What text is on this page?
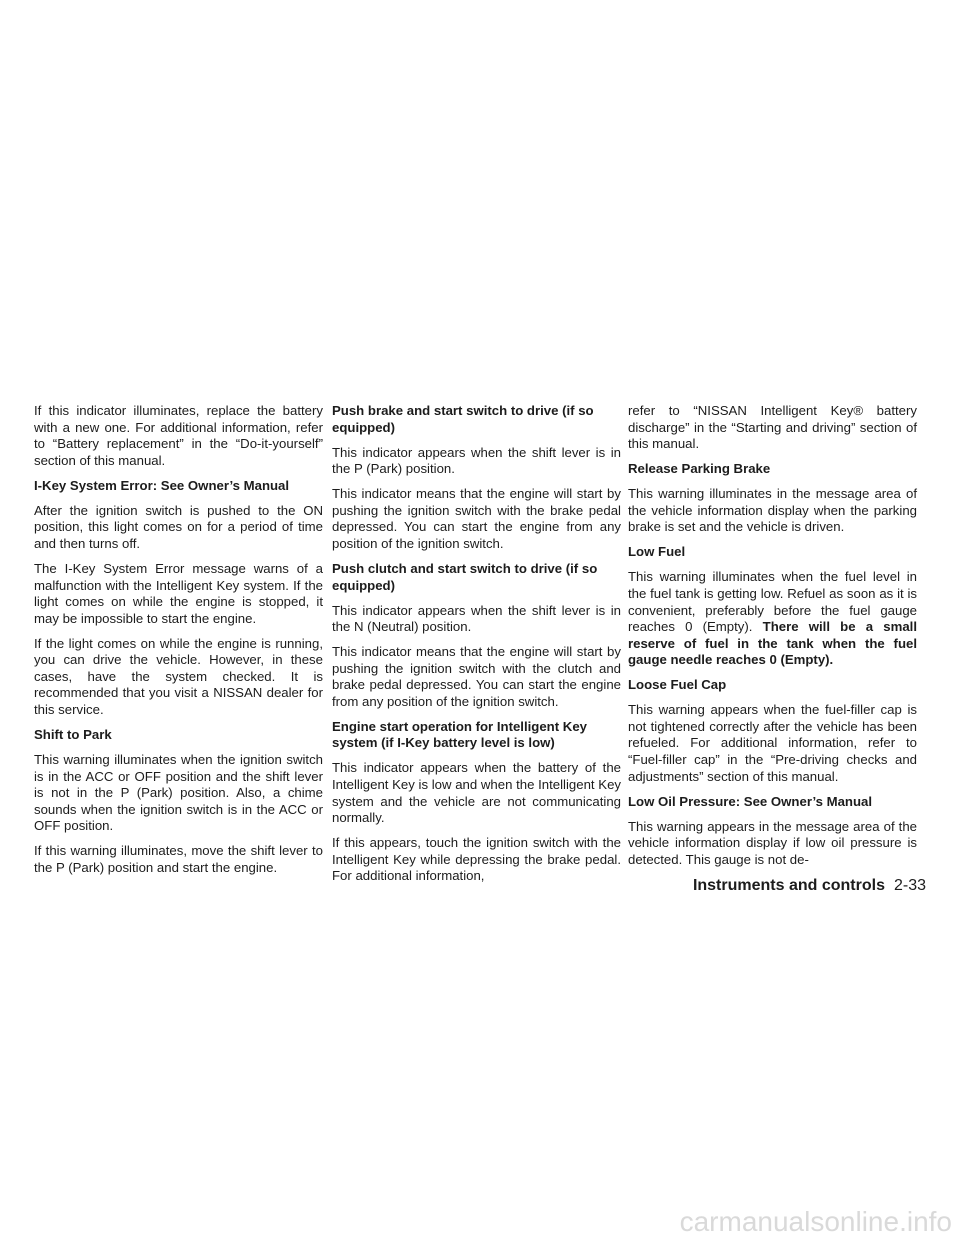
If this indicator illuminates, replace the battery with a new one. For additional information, refer to “Battery replacement” in the “Do-it-yourself” section of this manual.

I-Key System Error: See Owner’s Manual

After the ignition switch is pushed to the ON position, this light comes on for a period of time and then turns off.

The I-Key System Error message warns of a malfunction with the Intelligent Key system. If the light comes on while the engine is stopped, it may be impossible to start the engine.

If the light comes on while the engine is running, you can drive the vehicle. However, in these cases, have the system checked. It is recommended that you visit a NISSAN dealer for this service.

Shift to Park

This warning illuminates when the ignition switch is in the ACC or OFF position and the shift lever is not in the P (Park) position. Also, a chime sounds when the ignition switch is in the ACC or OFF position.

If this warning illuminates, move the shift lever to the P (Park) position and start the engine.

Push brake and start switch to drive (if so equipped)

This indicator appears when the shift lever is in the P (Park) position.

This indicator means that the engine will start by pushing the ignition switch with the brake pedal depressed. You can start the engine from any position of the ignition switch.

Push clutch and start switch to drive (if so equipped)

This indicator appears when the shift lever is in the N (Neutral) position.

This indicator means that the engine will start by pushing the ignition switch with the clutch and brake pedal depressed. You can start the engine from any position of the ignition switch.

Engine start operation for Intelligent Key system (if I-Key battery level is low)

This indicator appears when the battery of the Intelligent Key is low and when the Intelligent Key system and the vehicle are not communicating normally.

If this appears, touch the ignition switch with the Intelligent Key while depressing the brake pedal. For additional information,

refer to “NISSAN Intelligent Key® battery discharge” in the “Starting and driving” section of this manual.

Release Parking Brake

This warning illuminates in the message area of the vehicle information display when the parking brake is set and the vehicle is driven.

Low Fuel

This warning illuminates when the fuel level in the fuel tank is getting low. Refuel as soon as it is convenient, preferably before the fuel gauge reaches 0 (Empty). There will be a small reserve of fuel in the tank when the fuel gauge needle reaches 0 (Empty).

Loose Fuel Cap

This warning appears when the fuel-filler cap is not tightened correctly after the vehicle has been refueled. For additional information, refer to “Fuel-filler cap” in the “Pre-driving checks and adjustments” section of this manual.

Low Oil Pressure: See Owner’s Manual

This warning appears in the message area of the vehicle information display if low oil pressure is detected. This gauge is not de-

Instruments and controls 2-33
carmanualsonline.info
